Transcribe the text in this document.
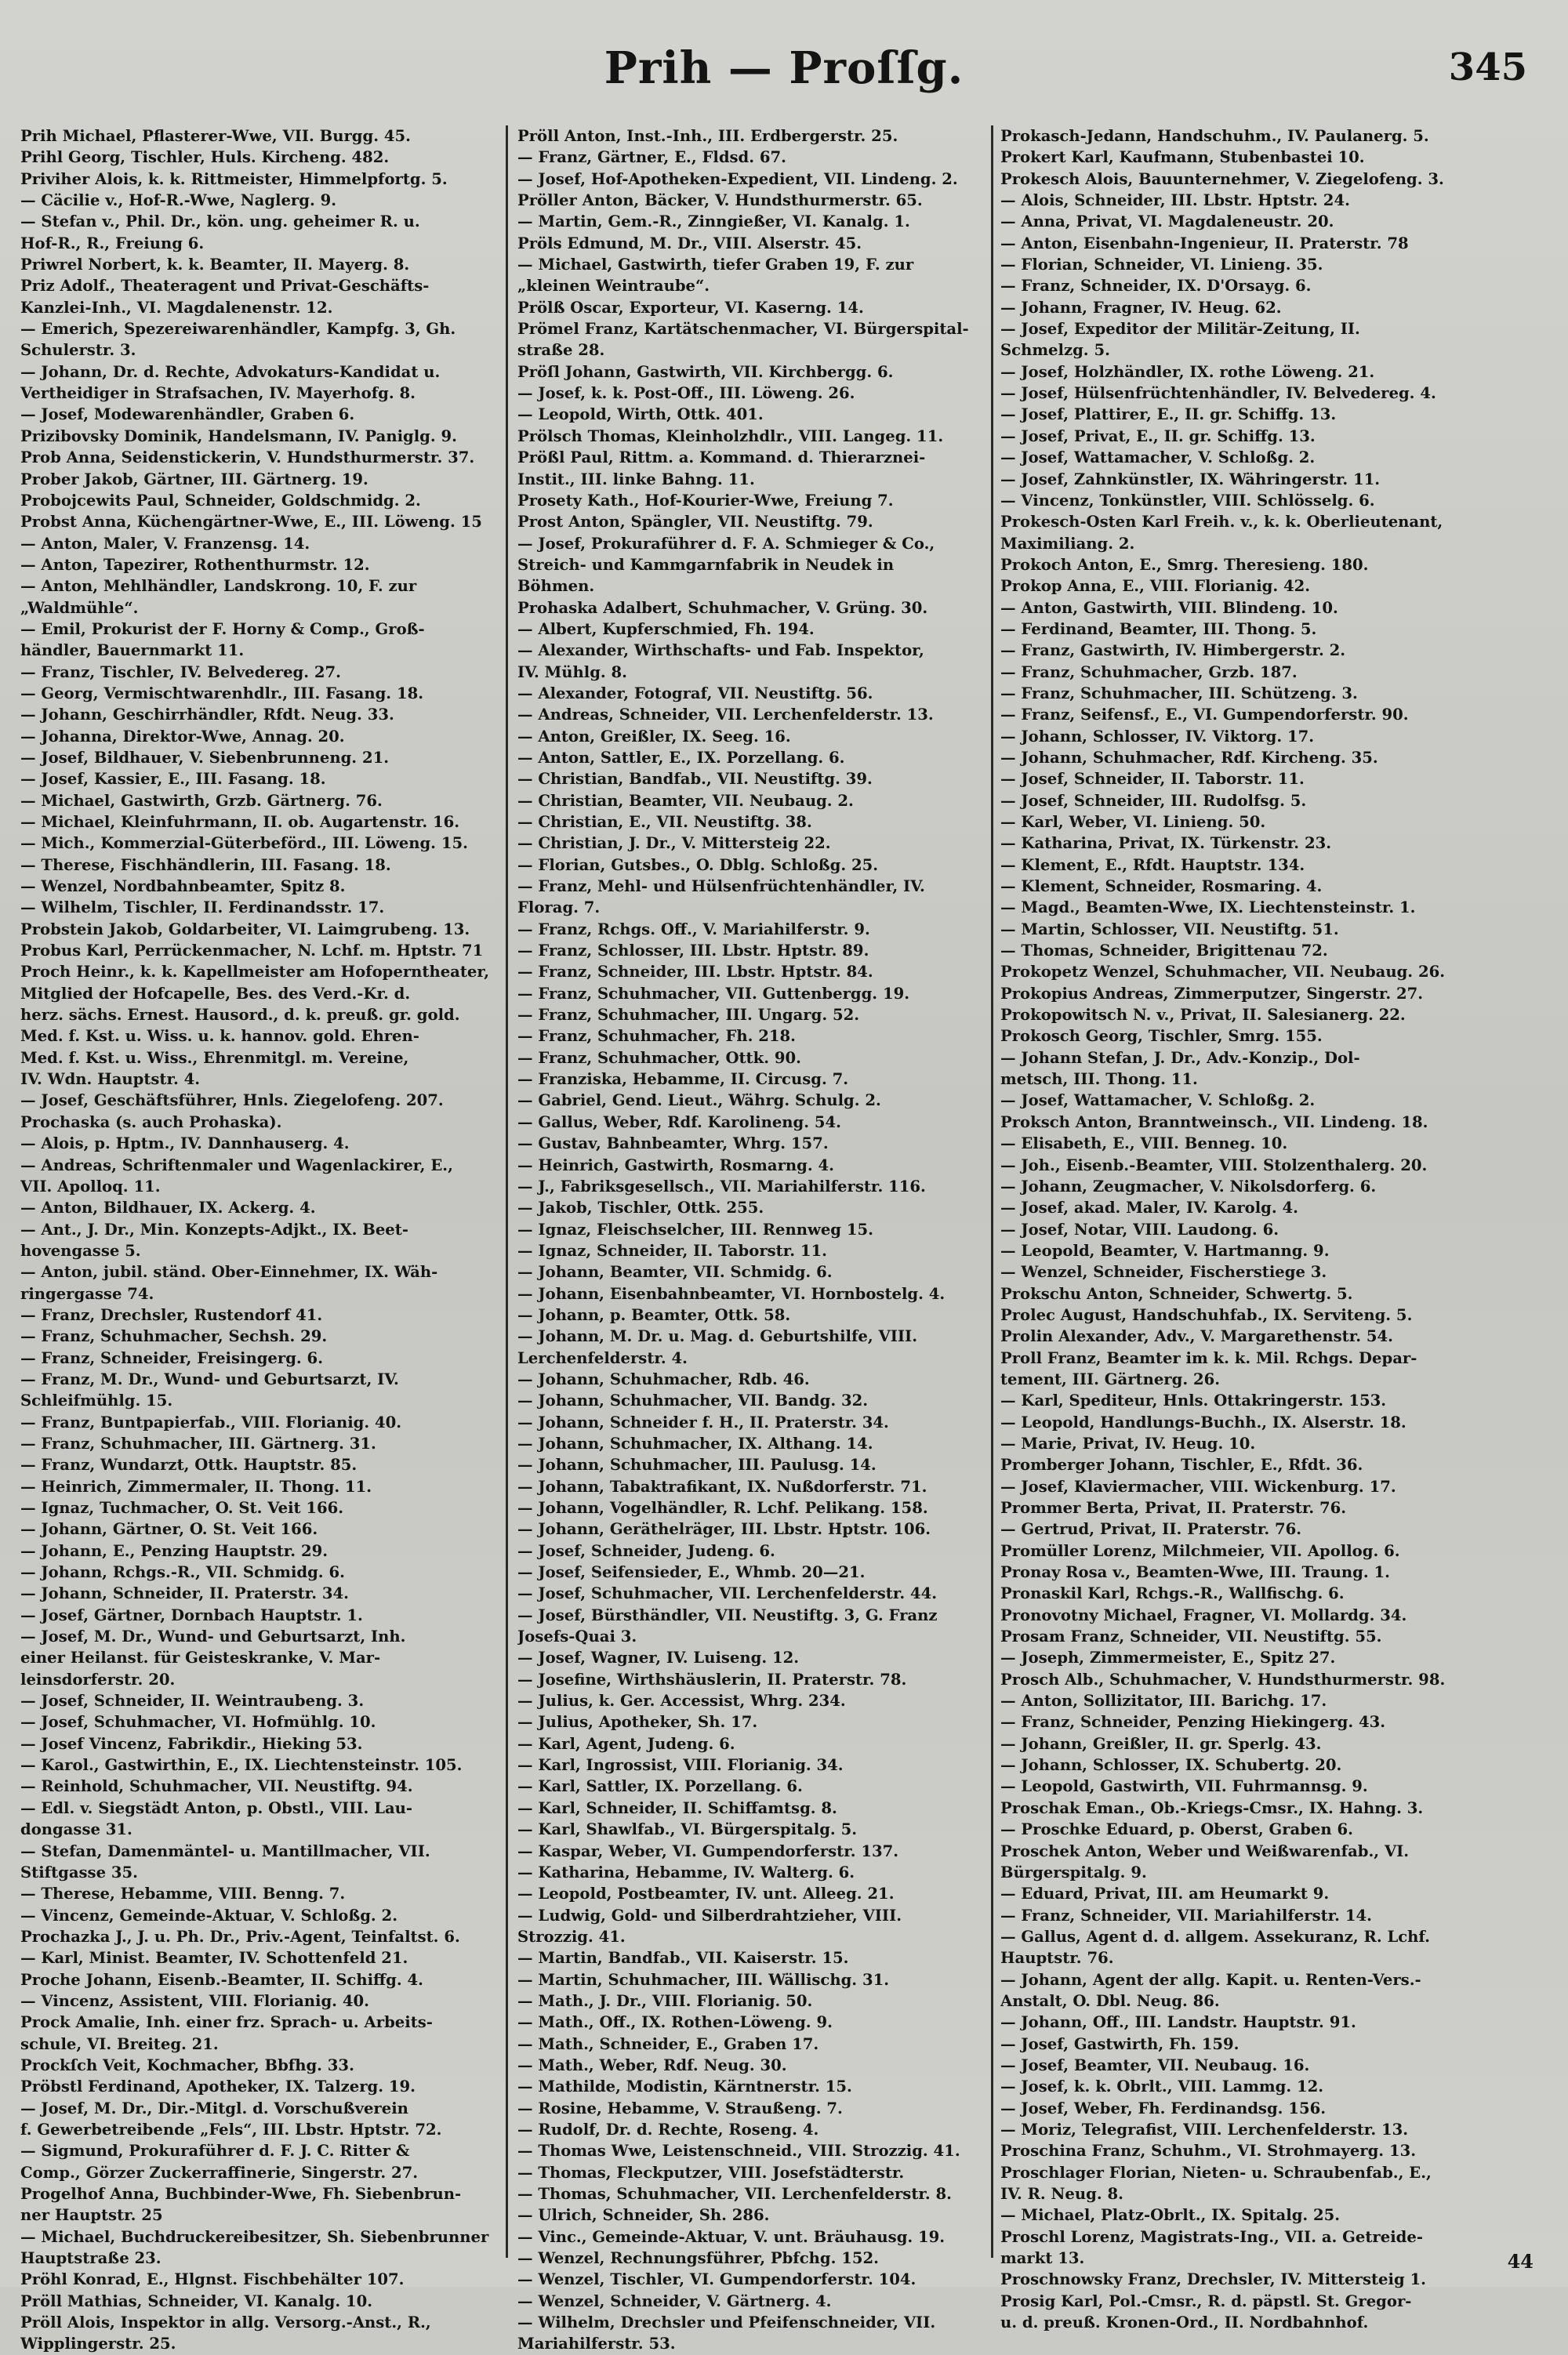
Prih — Proſſg.	345
Prih Michael, Pflasterer-Wwe, VII. Burgg. 45.
Prihl Georg, Tischler, Huls. Kircheng. 482.
Priviher Alois, k. k. Rittmeister, Himmelpfortg. 5.
— Cäcilie v., Hof-R.-Wwe, Naglerg. 9.
— Stefan v., Phil. Dr., kön. ung. geheimer R. u.
Hof-R., R., Freiung 6.
Priwrel Norbert, k. k. Beamter, II. Mayerg. 8.
Priz Adolf., Theateragent und Privat-Geschäfts-
Kanzlei-Inh., VI. Magdalenenstr. 12.
— Emerich, Spezereiwarenhändler, Kampfg. 3, Gh.
Schulerstr. 3.
— Johann, Dr. d. Rechte, Advokaturs-Kandidat u.
Vertheidiger in Strafsachen, IV. Mayerhofg. 8.
— Josef, Modewarenhändler, Graben 6.
Prizibovsky Dominik, Handelsmann, IV. Paniglg. 9.
Prob Anna, Seidenstickerin, V. Hundsthurmerstr. 37.
Prober Jakob, Gärtner, III. Gärtnerg. 19.
Probojcewits Paul, Schneider, Goldschmidg. 2.
Probst Anna, Küchengärtner-Wwe, E., III. Löweng. 15
— Anton, Maler, V. Franzensg. 14.
— Anton, Tapezirer, Rothenthurmstr. 12.
— Anton, Mehlhändler, Landskrong. 10, F. zur
„Waldmühle“.
— Emil, Prokurist der F. Horny & Comp., Groß-
händler, Bauernmarkt 11.
— Franz, Tischler, IV. Belvedereg. 27.
— Georg, Vermischtwarenhdlr., III. Fasang. 18.
— Johann, Geschirrhändler, Rfdt. Neug. 33.
— Johanna, Direktor-Wwe, Annag. 20.
— Josef, Bildhauer, V. Siebenbrunneng. 21.
— Josef, Kassier, E., III. Fasang. 18.
— Michael, Gastwirth, Grzb. Gärtnerg. 76.
— Michael, Kleinfuhrmann, II. ob. Augartenstr. 16.
— Mich., Kommerzial-Güterbeförd., III. Löweng. 15.
— Therese, Fischhändlerin, III. Fasang. 18.
— Wenzel, Nordbahnbeamter, Spitz 8.
— Wilhelm, Tischler, II. Ferdinandsstr. 17.
Probstein Jakob, Goldarbeiter, VI. Laimgrubeng. 13.
Probus Karl, Perrückenmacher, N. Lchf. m. Hptstr. 71
Proch Heinr., k. k. Kapellmeister am Hofoperntheater,
Mitglied der Hofcapelle, Bes. des Verd.-Kr. d.
herz. sächs. Ernest. Hausord., d. k. preuß. gr. gold.
Med. f. Kst. u. Wiss. u. k. hannov. gold. Ehren-
Med. f. Kst. u. Wiss., Ehrenmitgl. m. Vereine,
IV. Wdn. Hauptstr. 4.
— Josef, Geschäftsführer, Hnls. Ziegelofeng. 207.
Prochaska (s. auch Prohaska).
— Alois, p. Hptm., IV. Dannhauserg. 4.
— Andreas, Schriftenmaler und Wagenlackirer, E.,
VII. Apolloq. 11.
— Anton, Bildhauer, IX. Ackerg. 4.
— Ant., J. Dr., Min. Konzepts-Adjkt., IX. Beet-
hovengasse 5.
— Anton, jubil. ständ. Ober-Einnehmer, IX. Wäh-
ringergasse 74.
— Franz, Drechsler, Rustendorf 41.
— Franz, Schuhmacher, Sechsh. 29.
— Franz, Schneider, Freisingerg. 6.
— Franz, M. Dr., Wund- und Geburtsarzt, IV.
Schleifmühlg. 15.
— Franz, Buntpapierfab., VIII. Florianig. 40.
— Franz, Schuhmacher, III. Gärtnerg. 31.
— Franz, Wundarzt, Ottk. Hauptstr. 85.
— Heinrich, Zimmermaler, II. Thong. 11.
— Ignaz, Tuchmacher, O. St. Veit 166.
— Johann, Gärtner, O. St. Veit 166.
— Johann, E., Penzing Hauptstr. 29.
— Johann, Rchgs.-R., VII. Schmidg. 6.
— Johann, Schneider, II. Praterstr. 34.
— Josef, Gärtner, Dornbach Hauptstr. 1.
— Josef, M. Dr., Wund- und Geburtsarzt, Inh.
einer Heilanst. für Geisteskranke, V. Mar-
leinsdorferstr. 20.
— Josef, Schneider, II. Weintraubeng. 3.
— Josef, Schuhmacher, VI. Hofmühlg. 10.
— Josef Vincenz, Fabrikdir., Hieking 53.
— Karol., Gastwirthin, E., IX. Liechtensteinstr. 105.
— Reinhold, Schuhmacher, VII. Neustiftg. 94.
— Edl. v. Siegstädt Anton, p. Obstl., VIII. Lau-
dongasse 31.
— Stefan, Damenmäntel- u. Mantillmacher, VII.
Stiftgasse 35.
— Therese, Hebamme, VIII. Benng. 7.
— Vincenz, Gemeinde-Aktuar, V. Schloßg. 2.
Prochazka J., J. u. Ph. Dr., Priv.-Agent, Teinfaltst. 6.
— Karl, Minist. Beamter, IV. Schottenfeld 21.
Proche Johann, Eisenb.-Beamter, II. Schiffg. 4.
— Vincenz, Assistent, VIII. Florianig. 40.
Prock Amalie, Inh. einer frz. Sprach- u. Arbeits-
schule, VI. Breiteg. 21.
Prockſch Veit, Kochmacher, Bbfhg. 33.
Pröbstl Ferdinand, Apotheker, IX. Talzerg. 19.
— Josef, M. Dr., Dir.-Mitgl. d. Vorschußverein
f. Gewerbetreibende „Fels“, III. Lbstr. Hptstr. 72.
— Sigmund, Prokuraführer d. F. J. C. Ritter &
Comp., Görzer Zuckerraffinerie, Singerstr. 27.
Progelhof Anna, Buchbinder-Wwe, Fh. Siebenbrun-
ner Hauptstr. 25
— Michael, Buchdruckereibesitzer, Sh. Siebenbrunner
Hauptstraße 23.
Pröhl Konrad, E., Hlgnst. Fischbehälter 107.
Pröll Mathias, Schneider, VI. Kanalg. 10.
Pröll Alois, Inspektor in allg. Versorg.-Anst., R.,
Wipplingerstr. 25.
Pröll Anton, Inst.-Inh., III. Erdbergerstr. 25.
— Franz, Gärtner, E., Fldsd. 67.
— Josef, Hof-Apotheken-Expedient, VII. Lindeng. 2.
Pröller Anton, Bäcker, V. Hundsthurmerstr. 65.
— Martin, Gem.-R., Zinngießer, VI. Kanalg. 1.
Pröls Edmund, M. Dr., VIII. Alserstr. 45.
— Michael, Gastwirth, tiefer Graben 19, F. zur
„kleinen Weintraube“.
Prölß Oscar, Exporteur, VI. Kaserng. 14.
Prömel Franz, Kartätschenmacher, VI. Bürgerspital-
straße 28.
Pröſl Johann, Gastwirth, VII. Kirchbergg. 6.
— Josef, k. k. Post-Off., III. Löweng. 26.
— Leopold, Wirth, Ottk. 401.
Prölsch Thomas, Kleinholzhdlr., VIII. Langeg. 11.
Prößl Paul, Rittm. a. Kommand. d. Thierarznei-
Instit., III. linke Bahng. 11.
Prosety Kath., Hof-Kourier-Wwe, Freiung 7.
Prost Anton, Spängler, VII. Neustiftg. 79.
— Josef, Prokuraführer d. F. A. Schmieger & Co.,
Streich- und Kammgarnfabrik in Neudek in
Böhmen.
Prohaska Adalbert, Schuhmacher, V. Grüng. 30.
— Albert, Kupferschmied, Fh. 194.
— Alexander, Wirthschafts- und Fab. Inspektor,
IV. Mühlg. 8.
— Alexander, Fotograf, VII. Neustiftg. 56.
— Andreas, Schneider, VII. Lerchenfelderstr. 13.
— Anton, Greißler, IX. Seeg. 16.
— Anton, Sattler, E., IX. Porzellang. 6.
— Christian, Bandfab., VII. Neustiftg. 39.
— Christian, Beamter, VII. Neubaug. 2.
— Christian, E., VII. Neustiftg. 38.
— Christian, J. Dr., V. Mittersteig 22.
— Florian, Gutsbes., O. Dblg. Schloßg. 25.
— Franz, Mehl- und Hülsenfrüchtenhändler, IV.
Florag. 7.
— Franz, Rchgs. Off., V. Mariahilferstr. 9.
— Franz, Schlosser, III. Lbstr. Hptstr. 89.
— Franz, Schneider, III. Lbstr. Hptstr. 84.
— Franz, Schuhmacher, VII. Guttenbergg. 19.
— Franz, Schuhmacher, III. Ungarg. 52.
— Franz, Schuhmacher, Fh. 218.
— Franz, Schuhmacher, Ottk. 90.
— Franziska, Hebamme, II. Circusg. 7.
— Gabriel, Gend. Lieut., Währg. Schulg. 2.
— Gallus, Weber, Rdf. Karolineng. 54.
— Gustav, Bahnbeamter, Whrg. 157.
— Heinrich, Gastwirth, Rosmarng. 4.
— J., Fabriksgesellsch., VII. Mariahilferstr. 116.
— Jakob, Tischler, Ottk. 255.
— Ignaz, Fleischselcher, III. Rennweg 15.
— Ignaz, Schneider, II. Taborstr. 11.
— Johann, Beamter, VII. Schmidg. 6.
— Johann, Eisenbahnbeamter, VI. Hornbostelg. 4.
— Johann, p. Beamter, Ottk. 58.
— Johann, M. Dr. u. Mag. d. Geburtshilfe, VIII.
Lerchenfelderstr. 4.
— Johann, Schuhmacher, Rdb. 46.
— Johann, Schuhmacher, VII. Bandg. 32.
— Johann, Schneider f. H., II. Praterstr. 34.
— Johann, Schuhmacher, IX. Althang. 14.
— Johann, Schuhmacher, III. Paulusg. 14.
— Johann, Tabaktrafikant, IX. Nußdorferstr. 71.
— Johann, Vogelhändler, R. Lchf. Pelikang. 158.
— Johann, Geräthelräger, III. Lbstr. Hptstr. 106.
— Josef, Schneider, Judeng. 6.
— Josef, Seifensieder, E., Whmb. 20—21.
— Josef, Schuhmacher, VII. Lerchenfelderstr. 44.
— Josef, Bürsthändler, VII. Neustiftg. 3, G. Franz
Josefs-Quai 3.
— Josef, Wagner, IV. Luiseng. 12.
— Josefine, Wirthshäuslerin, II. Praterstr. 78.
— Julius, k. Ger. Accessist, Whrg. 234.
— Julius, Apotheker, Sh. 17.
— Karl, Agent, Judeng. 6.
— Karl, Ingrossist, VIII. Florianig. 34.
— Karl, Sattler, IX. Porzellang. 6.
— Karl, Schneider, II. Schiffamtsg. 8.
— Karl, Shawlfab., VI. Bürgerspitalg. 5.
— Kaspar, Weber, VI. Gumpendorferstr. 137.
— Katharina, Hebamme, IV. Walterg. 6.
— Leopold, Postbeamter, IV. unt. Alleeg. 21.
— Ludwig, Gold- und Silberdrahtzieher, VIII.
Strozzig. 41.
— Martin, Bandfab., VII. Kaiserstr. 15.
— Martin, Schuhmacher, III. Wällischg. 31.
— Math., J. Dr., VIII. Florianig. 50.
— Math., Off., IX. Rothen-Löweng. 9.
— Math., Schneider, E., Graben 17.
— Math., Weber, Rdf. Neug. 30.
— Mathilde, Modistin, Kärntnerstr. 15.
— Rosine, Hebamme, V. Straußeng. 7.
— Rudolf, Dr. d. Rechte, Roseng. 4.
— Thomas Wwe, Leistenschneid., VIII. Strozzig. 41.
— Thomas, Fleckputzer, VIII. Josefstädterstr.
— Thomas, Schuhmacher, VII. Lerchenfelderstr. 8.
— Ulrich, Schneider, Sh. 286.
— Vinc., Gemeinde-Aktuar, V. unt. Bräuhausg. 19.
— Wenzel, Rechnungsführer, Pbfchg. 152.
— Wenzel, Tischler, VI. Gumpendorferstr. 104.
— Wenzel, Schneider, V. Gärtnerg. 4.
— Wilhelm, Drechsler und Pfeifenschneider, VII.
Mariahilferstr. 53.
Prokasch-Jedann, Handschuhm., IV. Paulanerg. 5.
Prokert Karl, Kaufmann, Stubenbastei 10.
Prokesch Alois, Bauunternehmer, V. Ziegelofeng. 3.
— Alois, Schneider, III. Lbstr. Hptstr. 24.
— Anna, Privat, VI. Magdaleneustr. 20.
— Anton, Eisenbahn-Ingenieur, II. Praterstr. 78
— Florian, Schneider, VI. Linieng. 35.
— Franz, Schneider, IX. D'Orsayg. 6.
— Johann, Fragner, IV. Heug. 62.
— Josef, Expeditor der Militär-Zeitung, II.
Schmelzg. 5.
— Josef, Holzhändler, IX. rothe Löweng. 21.
— Josef, Hülsenfrüchtenhändler, IV. Belvedereg. 4.
— Josef, Plattirer, E., II. gr. Schiffg. 13.
— Josef, Privat, E., II. gr. Schiffg. 13.
— Josef, Wattamacher, V. Schloßg. 2.
— Josef, Zahnkünstler, IX. Währingerstr. 11.
— Vincenz, Tonkünstler, VIII. Schlösselg. 6.
Prokesch-Osten Karl Freih. v., k. k. Oberlieutenant,
Maximiliang. 2.
Prokoch Anton, E., Smrg. Theresieng. 180.
Prokop Anna, E., VIII. Florianig. 42.
— Anton, Gastwirth, VIII. Blindeng. 10.
— Ferdinand, Beamter, III. Thong. 5.
— Franz, Gastwirth, IV. Himbergerstr. 2.
— Franz, Schuhmacher, Grzb. 187.
— Franz, Schuhmacher, III. Schützeng. 3.
— Franz, Seifensf., E., VI. Gumpendorferstr. 90.
— Johann, Schlosser, IV. Viktorg. 17.
— Johann, Schuhmacher, Rdf. Kircheng. 35.
— Josef, Schneider, II. Taborstr. 11.
— Josef, Schneider, III. Rudolfsg. 5.
— Karl, Weber, VI. Linieng. 50.
— Katharina, Privat, IX. Türkenstr. 23.
— Klement, E., Rfdt. Hauptstr. 134.
— Klement, Schneider, Rosmaring. 4.
— Magd., Beamten-Wwe, IX. Liechtensteinstr. 1.
— Martin, Schlosser, VII. Neustiftg. 51.
— Thomas, Schneider, Brigittenau 72.
Prokopetz Wenzel, Schuhmacher, VII. Neubaug. 26.
Prokopius Andreas, Zimmerputzer, Singerstr. 27.
Prokopowitsch N. v., Privat, II. Salesianerg. 22.
Prokosch Georg, Tischler, Smrg. 155.
— Johann Stefan, J. Dr., Adv.-Konzip., Dol-
metsch, III. Thong. 11.
— Josef, Wattamacher, V. Schloßg. 2.
Proksch Anton, Branntweinsch., VII. Lindeng. 18.
— Elisabeth, E., VIII. Benneg. 10.
— Joh., Eisenb.-Beamter, VIII. Stolzenthalerg. 20.
— Johann, Zeugmacher, V. Nikolsdorferg. 6.
— Josef, akad. Maler, IV. Karolg. 4.
— Josef, Notar, VIII. Laudong. 6.
— Leopold, Beamter, V. Hartmanng. 9.
— Wenzel, Schneider, Fischerstiege 3.
Prokschu Anton, Schneider, Schwertg. 5.
Prolec August, Handschuhfab., IX. Servitenɡ. 5.
Prolin Alexander, Adv., V. Margarethenstr. 54.
Proll Franz, Beamter im k. k. Mil. Rchgs. Depar-
tement, III. Gärtnerg. 26.
— Karl, Spediteur, Hnls. Ottakringerstr. 153.
— Leopold, Handlungs-Buchh., IX. Alserstr. 18.
— Marie, Privat, IV. Heug. 10.
Promberger Johann, Tischler, E., Rfdt. 36.
— Josef, Klaviermacher, VIII. Wickenburg. 17.
Prommer Berta, Privat, II. Praterstr. 76.
— Gertrud, Privat, II. Praterstr. 76.
Promüller Lorenz, Milchmeier, VII. Apollog. 6.
Pronay Rosa v., Beamten-Wwe, III. Traung. 1.
Pronaskil Karl, Rchgs.-R., Wallfischg. 6.
Pronovotny Michael, Fragner, VI. Mollardg. 34.
Prosam Franz, Schneider, VII. Neustiftg. 55.
— Joseph, Zimmermeister, E., Spitz 27.
Prosch Alb., Schuhmacher, V. Hundsthurmerstr. 98.
— Anton, Sollizitator, III. Barichg. 17.
— Franz, Schneider, Penzing Hiekingerg. 43.
— Johann, Greißler, II. gr. Sperlg. 43.
— Johann, Schlosser, IX. Schubertg. 20.
— Leopold, Gastwirth, VII. Fuhrmannsg. 9.
Proschak Eman., Ob.-Kriegs-Cmsr., IX. Hahng. 3.
— Proschke Eduard, p. Oberst, Graben 6.
Proschek Anton, Weber und Weißwarenfab., VI.
Bürgerspitalg. 9.
— Eduard, Privat, III. am Heumarkt 9.
— Franz, Schneider, VII. Mariahilferstr. 14.
— Gallus, Agent d. d. allgem. Assekuranz, R. Lchf.
Hauptstr. 76.
— Johann, Agent der allg. Kapit. u. Renten-Vers.-
Anstalt, O. Dbl. Neug. 86.
— Johann, Off., III. Landstr. Hauptstr. 91.
— Josef, Gastwirth, Fh. 159.
— Josef, Beamter, VII. Neubaug. 16.
— Josef, k. k. Obrlt., VIII. Lammg. 12.
— Josef, Weber, Fh. Ferdinandsg. 156.
— Moriz, Telegrafist, VIII. Lerchenfelderstr. 13.
Proschina Franz, Schuhm., VI. Strohmayerg. 13.
Proschlager Florian, Nieten- u. Schraubenfab., E.,
IV. R. Neug. 8.
— Michael, Platz-Obrlt., IX. Spitalg. 25.
Proschl Lorenz, Magistrats-Ing., VII. a. Getreide-
markt 13.
Proschnowsky Franz, Drechsler, IV. Mittersteig 1.
Prosig Karl, Pol.-Cmsr., R. d. päpstl. St. Gregor-
u. d. preuß. Kronen-Ord., II. Nordbahnhof.
44
